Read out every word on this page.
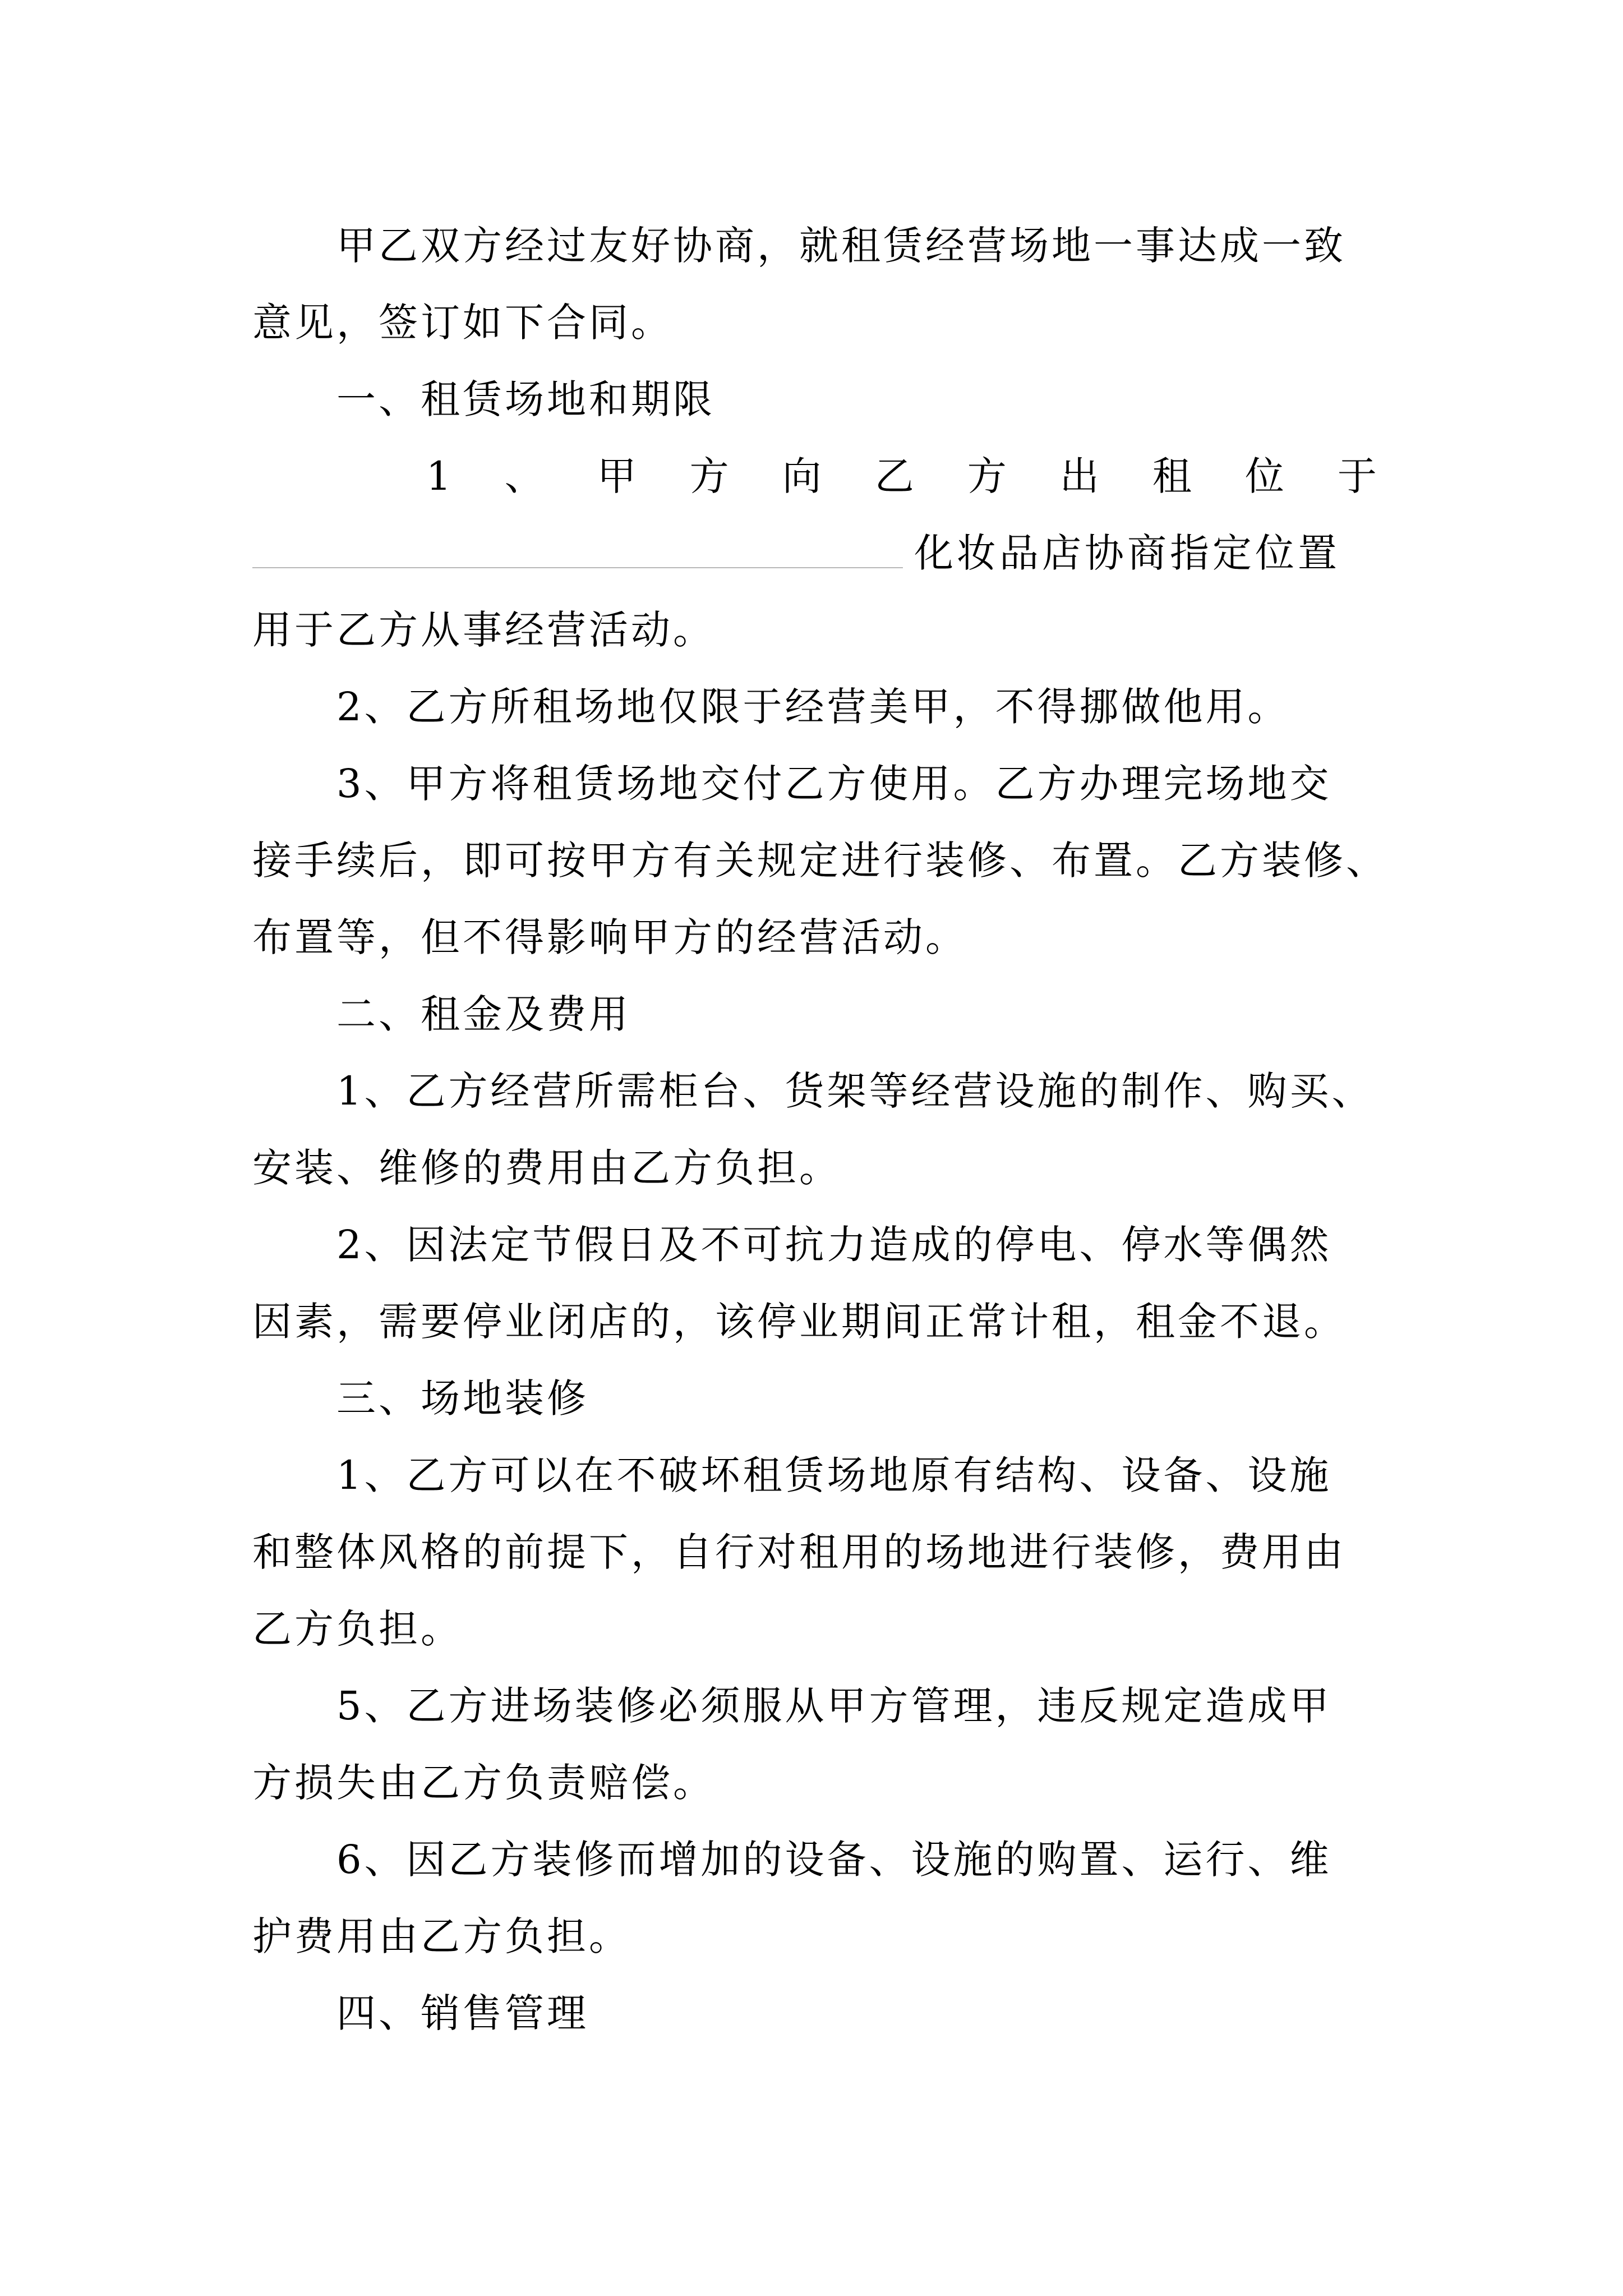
甲乙双方经过友好协商，就租赁经营场地一事达成一致
意见，签订如下合同。
一、租赁场地和期限
1 、 甲 方 向 乙 方 出 租 位 于
化妆品店协商指定位置
用于乙方从事经营活动。
2、乙方所租场地仅限于经营美甲，不得挪做他用。
3、甲方将租赁场地交付乙方使用。乙方办理完场地交
接手续后，即可按甲方有关规定进行装修、布置。乙方装修、
布置等，但不得影响甲方的经营活动。
二、租金及费用
1、乙方经营所需柜台、货架等经营设施的制作、购买、
安装、维修的费用由乙方负担。
2、因法定节假日及不可抗力造成的停电、停水等偶然
因素，需要停业闭店的，该停业期间正常计租，租金不退。
三、场地装修
1、乙方可以在不破坏租赁场地原有结构、设备、设施
和整体风格的前提下，自行对租用的场地进行装修，费用由
乙方负担。
5、乙方进场装修必须服从甲方管理，违反规定造成甲
方损失由乙方负责赔偿。
6、因乙方装修而增加的设备、设施的购置、运行、维
护费用由乙方负担。
四、销售管理
